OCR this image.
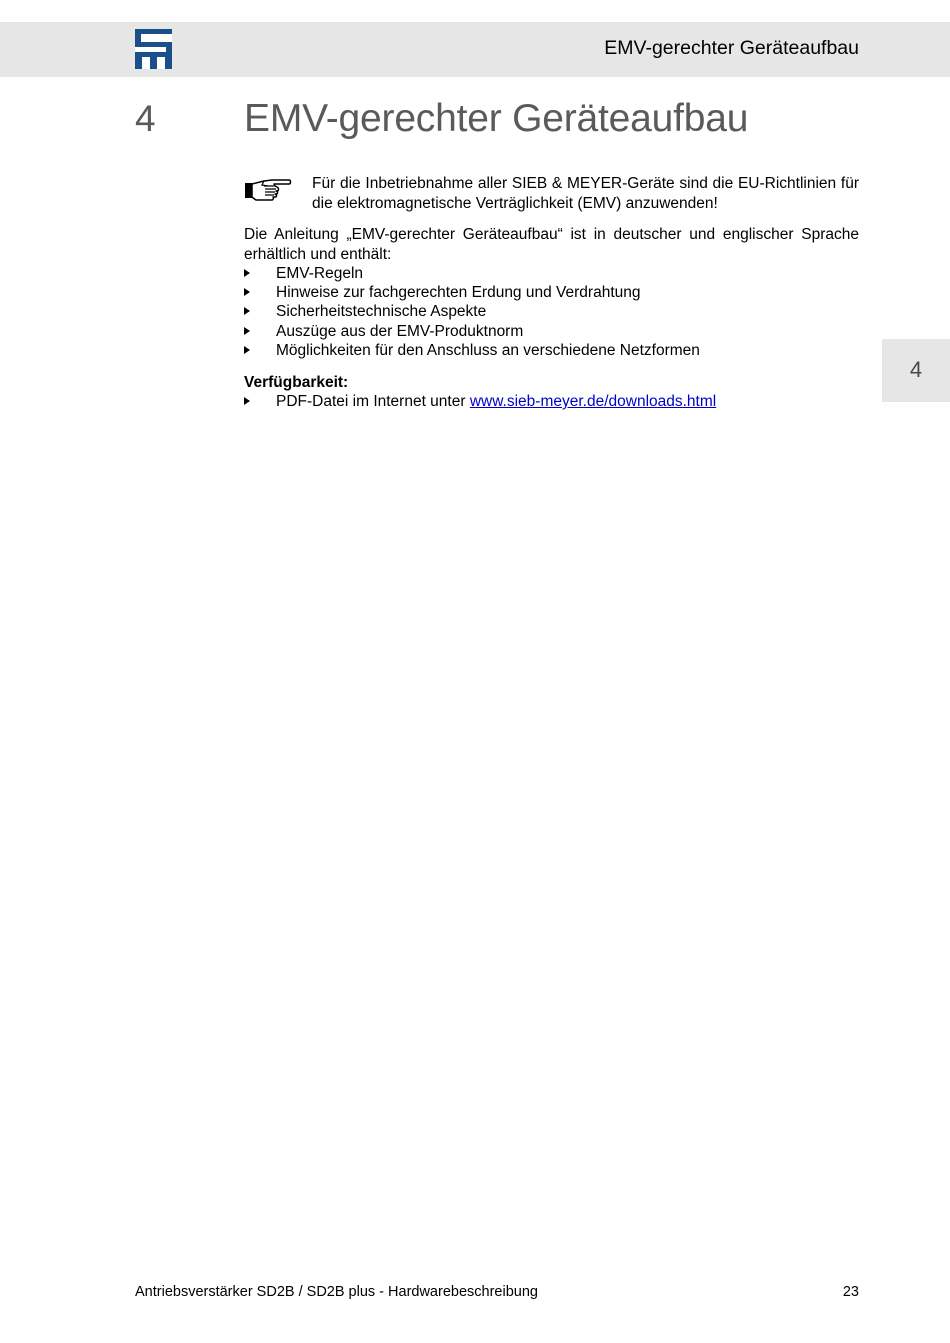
EMV-gerechter Geräteaufbau
4 EMV-gerechter Geräteaufbau
Für die Inbetriebnahme aller SIEB & MEYER-Geräte sind die EU-Richtlinien für die elektromagnetische Verträglichkeit (EMV) anzuwenden!
Die Anleitung „EMV-gerechter Geräteaufbau“ ist in deutscher und englischer Sprache erhältlich und enthält:
EMV-Regeln
Hinweise zur fachgerechten Erdung und Verdrahtung
Sicherheitstechnische Aspekte
Auszüge aus der EMV-Produktnorm
Möglichkeiten für den Anschluss an verschiedene Netzformen
Verfügbarkeit:
PDF-Datei im Internet unter www.sieb-meyer.de/downloads.html
4
Antriebsverstärker SD2B / SD2B plus - Hardwarebeschreibung	23
